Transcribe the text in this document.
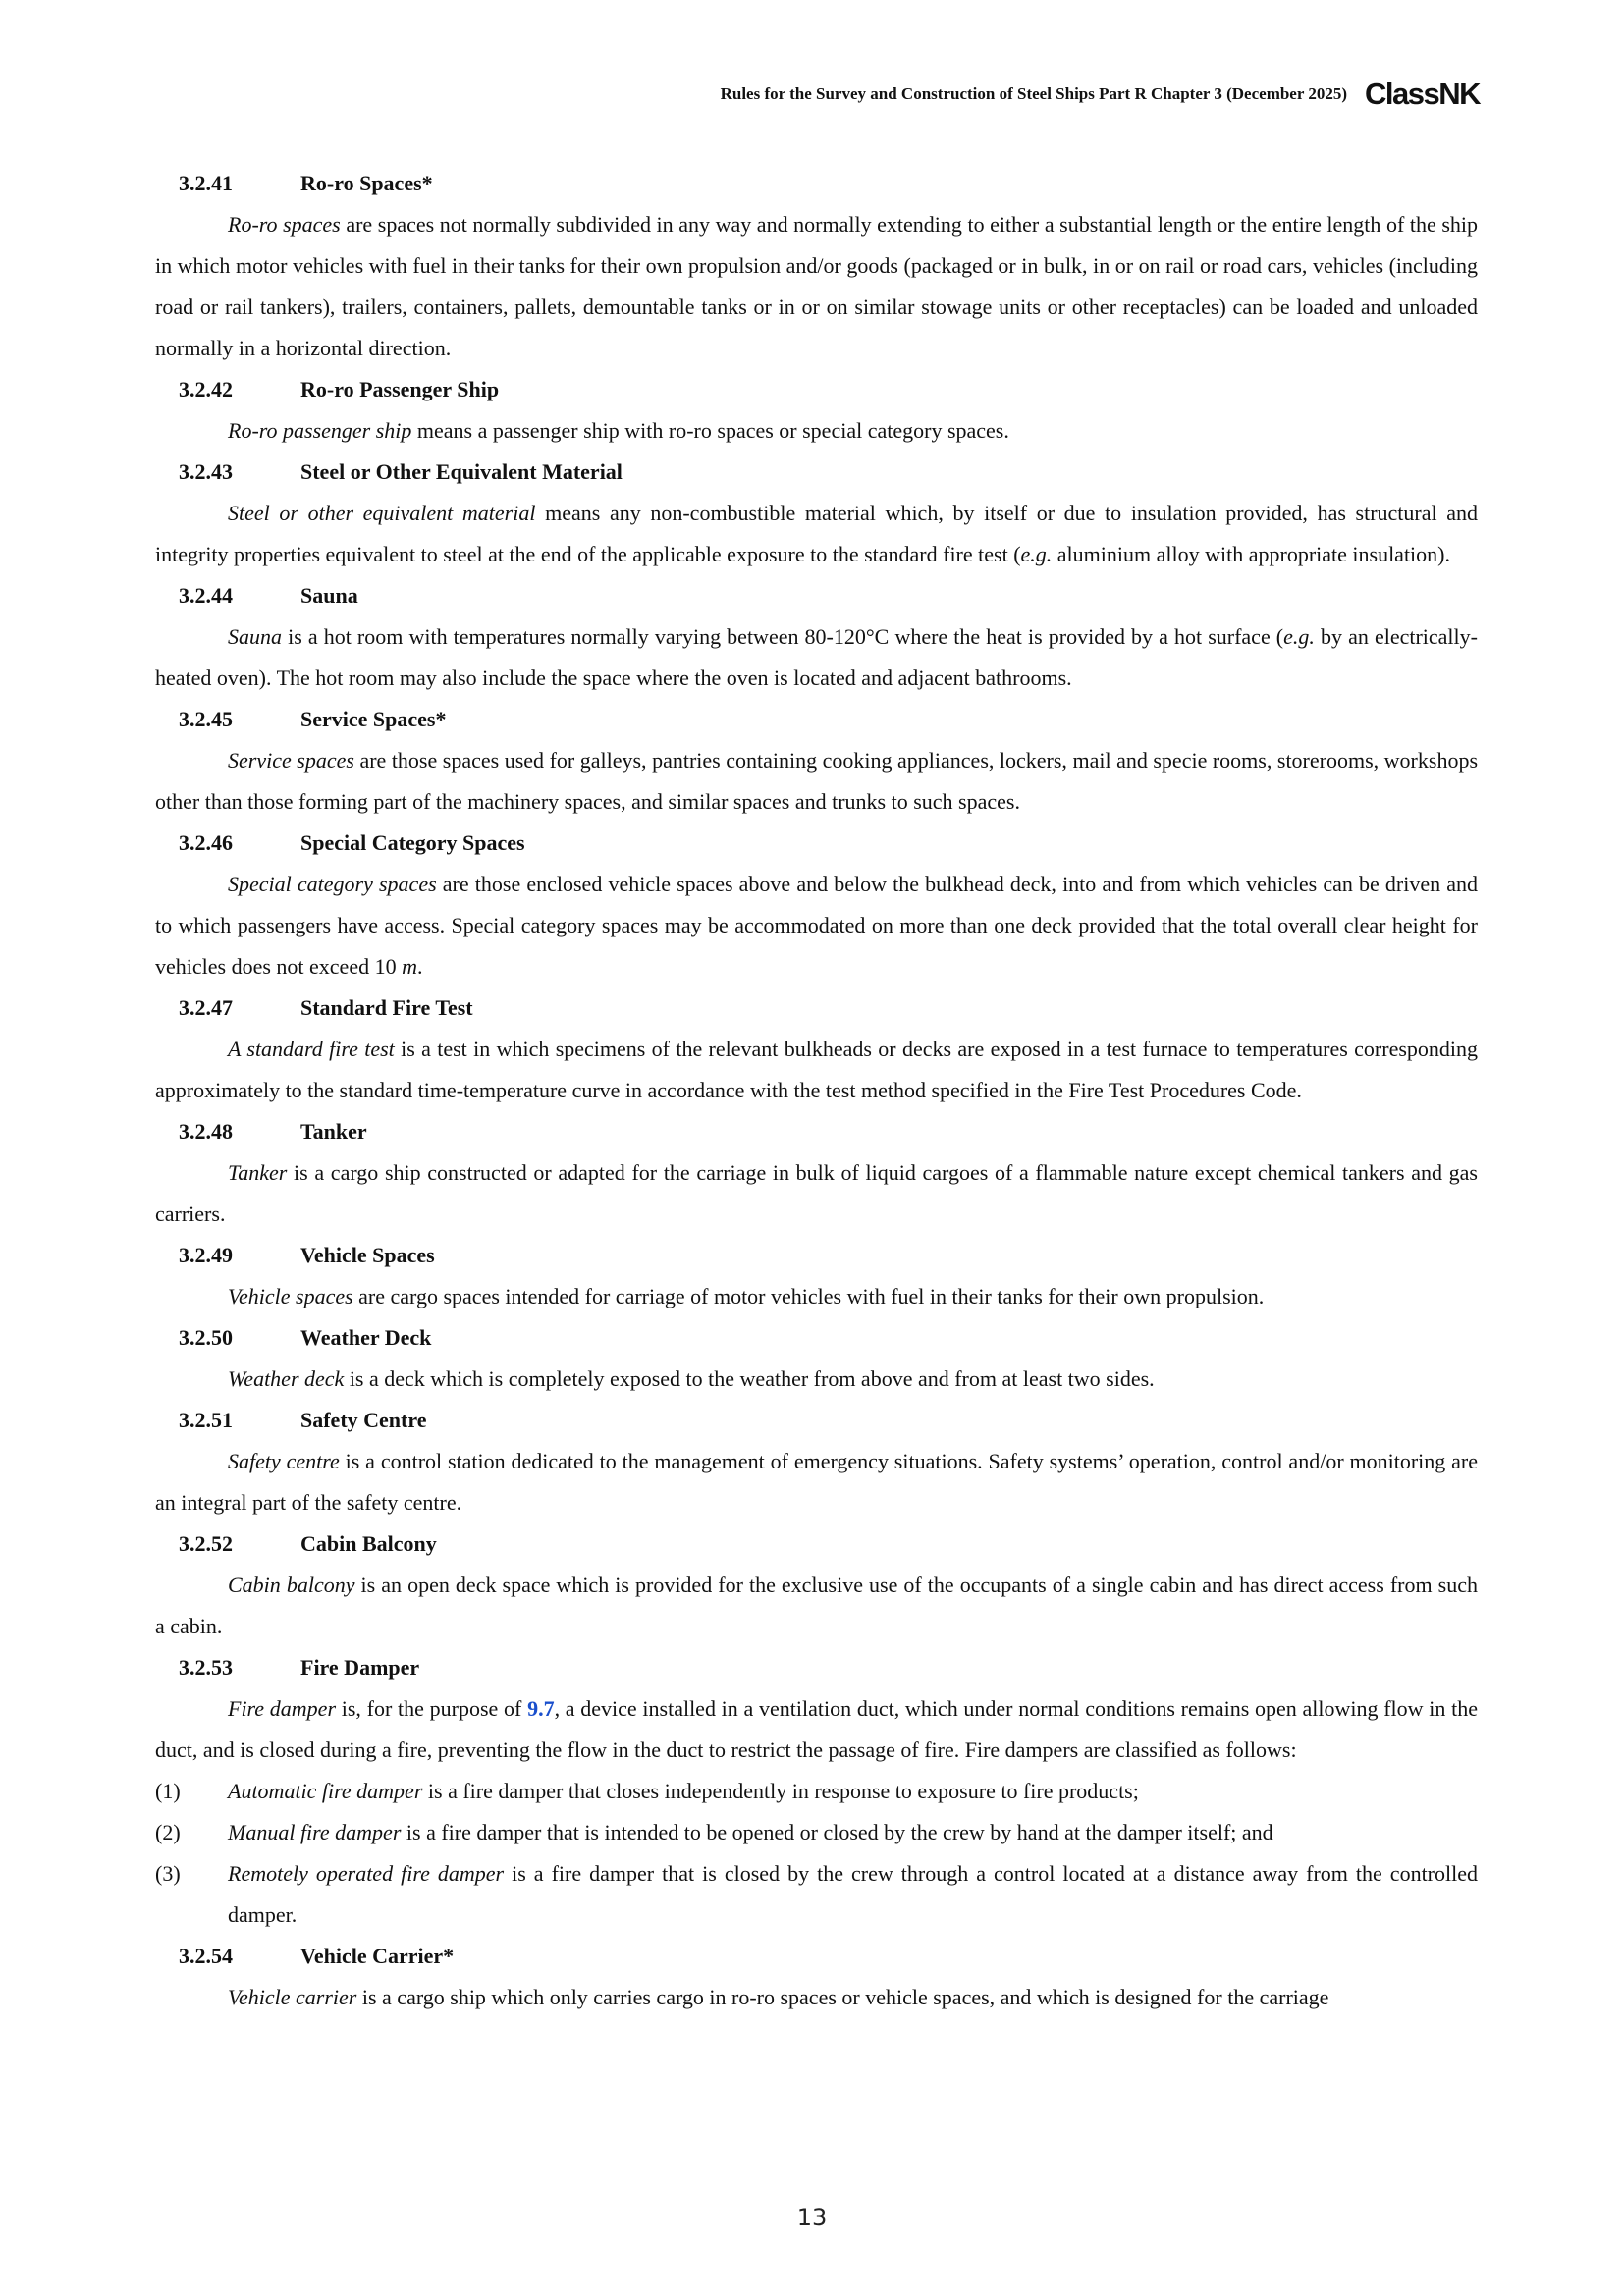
Rules for the Survey and Construction of Steel Ships Part R Chapter 3 (December 2025) ClassNK
3.2.41	Ro-ro Spaces*

Ro-ro spaces are spaces not normally subdivided in any way and normally extending to either a substantial length or the entire length of the ship in which motor vehicles with fuel in their tanks for their own propulsion and/or goods (packaged or in bulk, in or on rail or road cars, vehicles (including road or rail tankers), trailers, containers, pallets, demountable tanks or in or on similar stowage units or other receptacles) can be loaded and unloaded normally in a horizontal direction.

3.2.42	Ro-ro Passenger Ship

Ro-ro passenger ship means a passenger ship with ro-ro spaces or special category spaces.

3.2.43	Steel or Other Equivalent Material

Steel or other equivalent material means any non-combustible material which, by itself or due to insulation provided, has structural and integrity properties equivalent to steel at the end of the applicable exposure to the standard fire test (e.g. aluminium alloy with appropriate insulation).

3.2.44	Sauna

Sauna is a hot room with temperatures normally varying between 80-120°C where the heat is provided by a hot surface (e.g. by an electrically-heated oven). The hot room may also include the space where the oven is located and adjacent bathrooms.

3.2.45	Service Spaces*

Service spaces are those spaces used for galleys, pantries containing cooking appliances, lockers, mail and specie rooms, storerooms, workshops other than those forming part of the machinery spaces, and similar spaces and trunks to such spaces.

3.2.46	Special Category Spaces

Special category spaces are those enclosed vehicle spaces above and below the bulkhead deck, into and from which vehicles can be driven and to which passengers have access. Special category spaces may be accommodated on more than one deck provided that the total overall clear height for vehicles does not exceed 10 m.

3.2.47	Standard Fire Test

A standard fire test is a test in which specimens of the relevant bulkheads or decks are exposed in a test furnace to temperatures corresponding approximately to the standard time-temperature curve in accordance with the test method specified in the Fire Test Procedures Code.

3.2.48	Tanker

Tanker is a cargo ship constructed or adapted for the carriage in bulk of liquid cargoes of a flammable nature except chemical tankers and gas carriers.

3.2.49	Vehicle Spaces

Vehicle spaces are cargo spaces intended for carriage of motor vehicles with fuel in their tanks for their own propulsion.

3.2.50	Weather Deck

Weather deck is a deck which is completely exposed to the weather from above and from at least two sides.

3.2.51	Safety Centre

Safety centre is a control station dedicated to the management of emergency situations. Safety systems’ operation, control and/or monitoring are an integral part of the safety centre.

3.2.52	Cabin Balcony

Cabin balcony is an open deck space which is provided for the exclusive use of the occupants of a single cabin and has direct access from such a cabin.

3.2.53	Fire Damper

Fire damper is, for the purpose of 9.7, a device installed in a ventilation duct, which under normal conditions remains open allowing flow in the duct, and is closed during a fire, preventing the flow in the duct to restrict the passage of fire. Fire dampers are classified as follows:

(1)	Automatic fire damper is a fire damper that closes independently in response to exposure to fire products;
(2)	Manual fire damper is a fire damper that is intended to be opened or closed by the crew by hand at the damper itself; and
(3)	Remotely operated fire damper is a fire damper that is closed by the crew through a control located at a distance away from the controlled damper.
3.2.54	Vehicle Carrier*

Vehicle carrier is a cargo ship which only carries cargo in ro-ro spaces or vehicle spaces, and which is designed for the carriage

13
